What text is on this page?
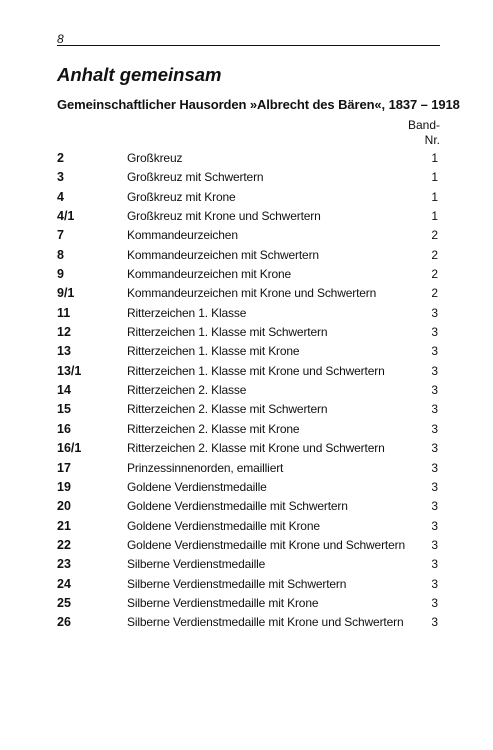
8
Anhalt gemeinsam
Gemeinschaftlicher Hausorden »Albrecht des Bären«, 1837 – 1918
Band-
Nr.
2	Großkreuz	1
3	Großkreuz mit Schwertern	1
4	Großkreuz mit Krone	1
4/1	Großkreuz mit Krone und Schwertern	1
7	Kommandeurzeichen	2
8	Kommandeurzeichen mit Schwertern	2
9	Kommandeurzeichen mit Krone	2
9/1	Kommandeurzeichen mit Krone und Schwertern	2
11	Ritterzeichen 1. Klasse	3
12	Ritterzeichen 1. Klasse mit Schwertern	3
13	Ritterzeichen 1. Klasse mit Krone	3
13/1	Ritterzeichen 1. Klasse mit Krone und Schwertern	3
14	Ritterzeichen 2. Klasse	3
15	Ritterzeichen 2. Klasse mit Schwertern	3
16	Ritterzeichen 2. Klasse mit Krone	3
16/1	Ritterzeichen 2. Klasse mit Krone und Schwertern	3
17	Prinzessinnenorden, emailliert	3
19	Goldene Verdienstmedaille	3
20	Goldene Verdienstmedaille mit Schwertern	3
21	Goldene Verdienstmedaille mit Krone	3
22	Goldene Verdienstmedaille mit Krone und Schwertern 3
23	Silberne Verdienstmedaille	3
24	Silberne Verdienstmedaille mit Schwertern	3
25	Silberne Verdienstmedaille mit Krone	3
26	Silberne Verdienstmedaille mit Krone und Schwertern 3
